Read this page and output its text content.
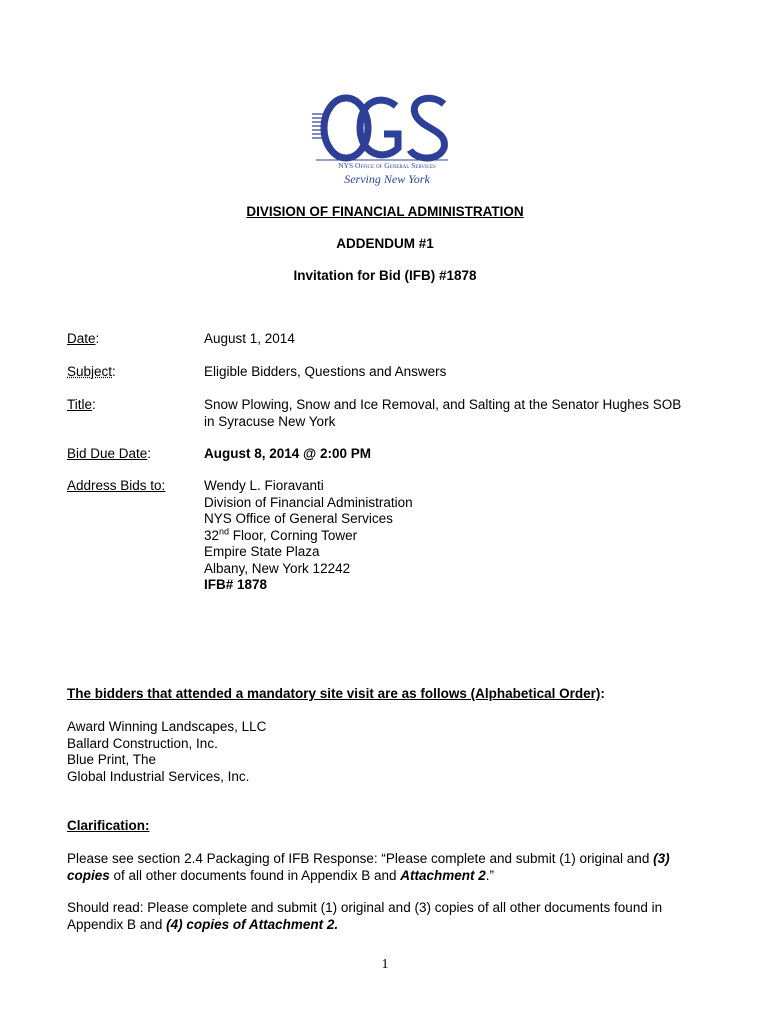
NYS Office of General Services
Serving New York
DIVISION OF FINANCIAL ADMINISTRATION
ADDENDUM #1
Invitation for Bid (IFB) #1878
Date:	August 1, 2014
Subject:	Eligible Bidders, Questions and Answers
Title:	Snow Plowing, Snow and Ice Removal, and Salting at the Senator Hughes SOB
in Syracuse New York
Bid Due Date:	August 8, 2014 @ 2:00 PM
Address Bids to:	Wendy L. Fioravanti
Division of Financial Administration
NYS Office of General Services
32nd Floor, Corning Tower
Empire State Plaza
Albany, New York 12242
IFB# 1878
The bidders that attended a mandatory site visit are as follows (Alphabetical Order):
Award Winning Landscapes, LLC
Ballard Construction, Inc.
Blue Print, The
Global Industrial Services, Inc.
Clarification:
Please see section 2.4 Packaging of IFB Response: “Please complete and submit (1) original and (3) copies of all other documents found in Appendix B and Attachment 2.”
Should read: Please complete and submit (1) original and (3) copies of all other documents found in Appendix B and (4) copies of Attachment 2.
1
